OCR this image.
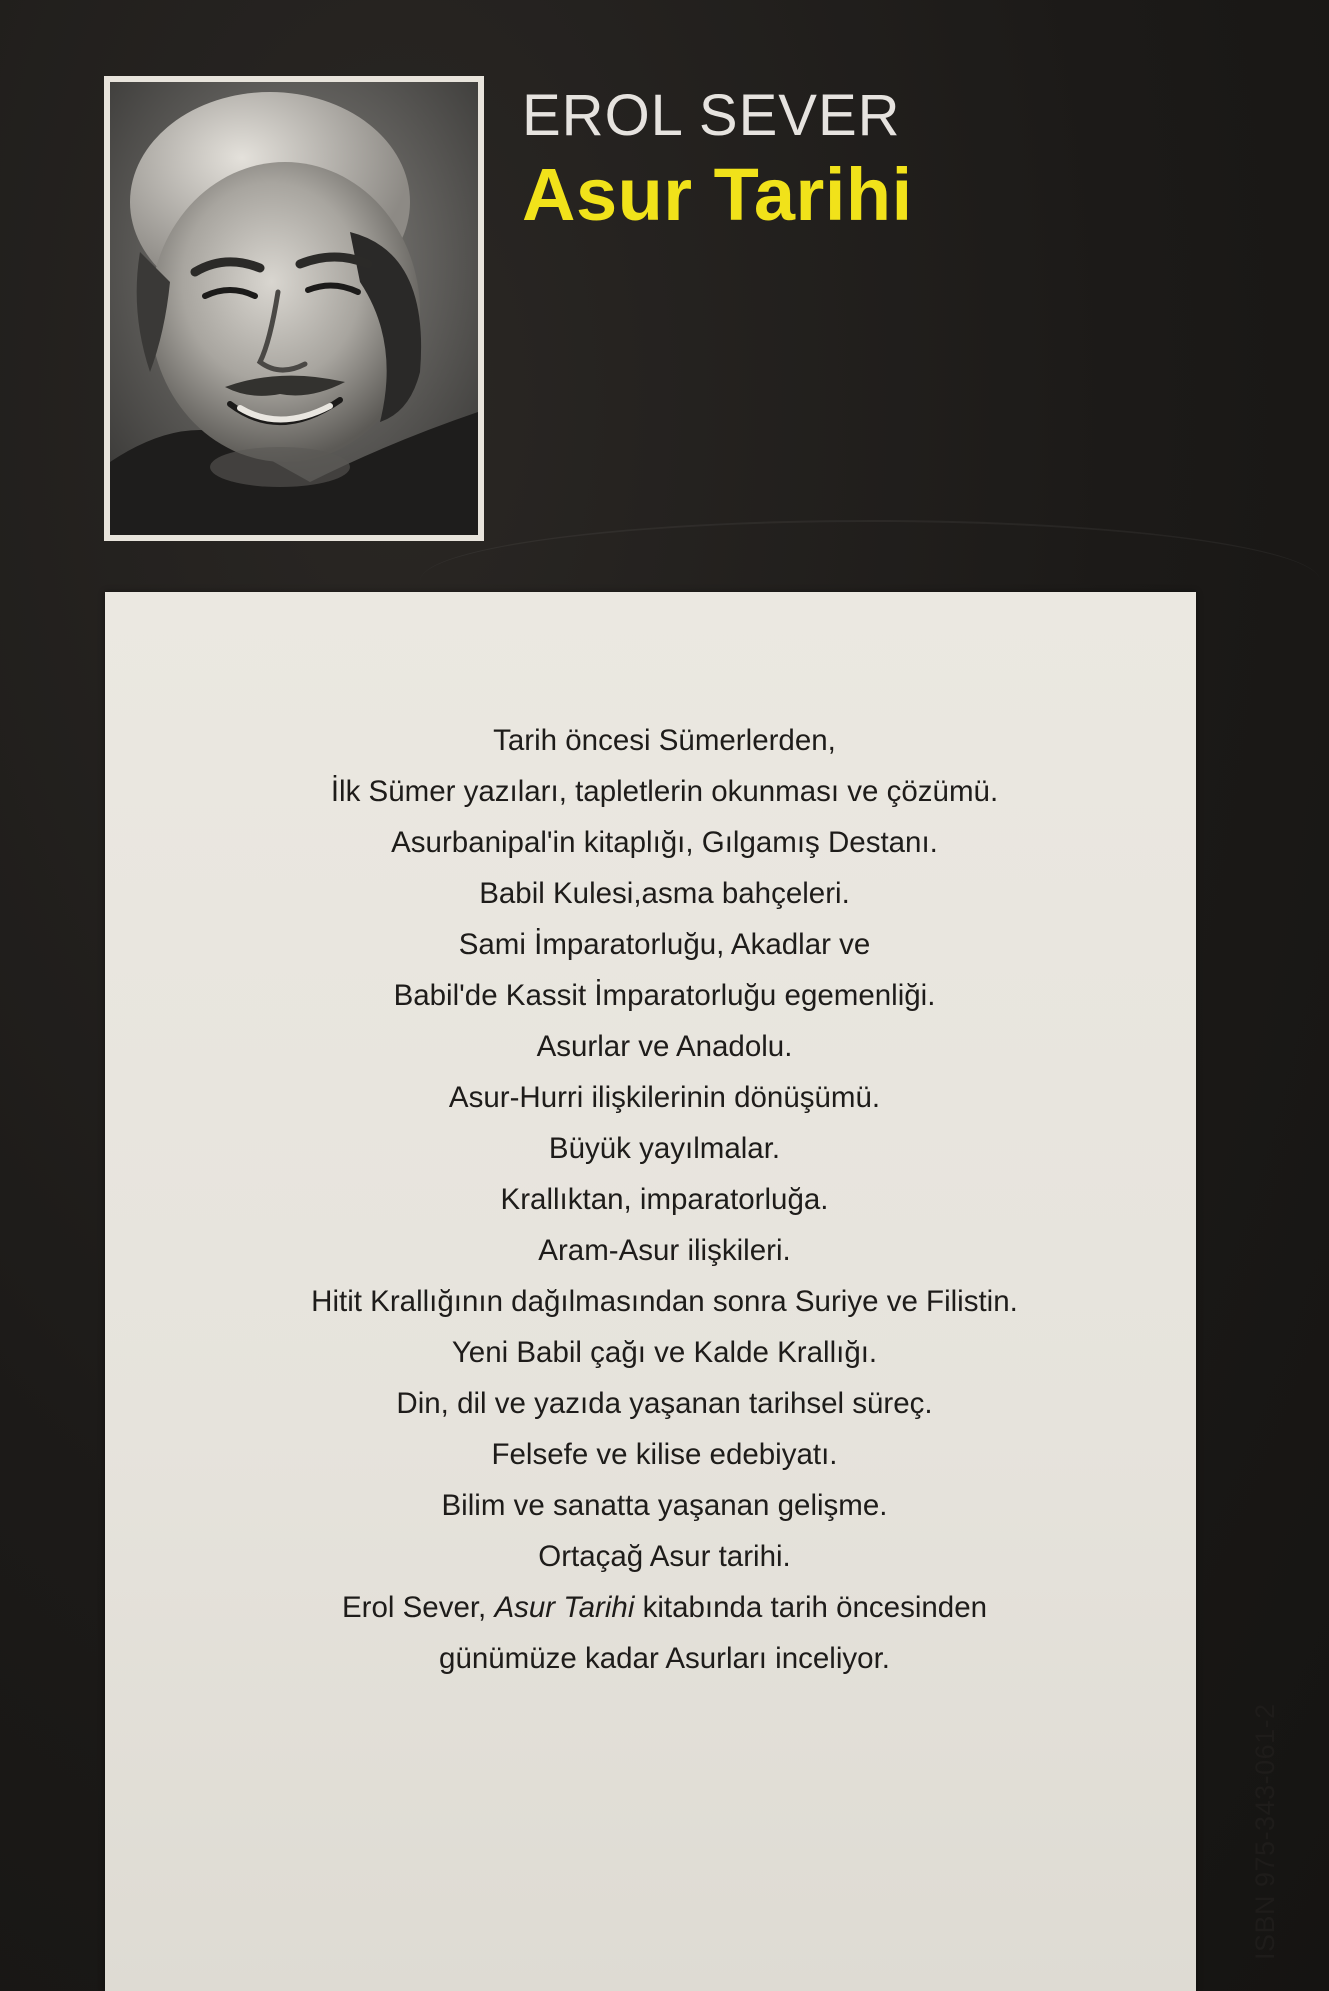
EROL SEVER
Asur Tarihi
Tarih öncesi Sümerlerden,
İlk Sümer yazıları, tapletlerin okunması ve çözümü.
Asurbanipal'in kitaplığı, Gılgamış Destanı.
Babil Kulesi,asma bahçeleri.
Sami İmparatorluğu, Akadlar ve
Babil'de Kassit İmparatorluğu egemenliği.
Asurlar ve Anadolu.
Asur-Hurri ilişkilerinin dönüşümü.
Büyük yayılmalar.
Krallıktan, imparatorluğa.
Aram-Asur ilişkileri.
Hitit Krallığının dağılmasından sonra Suriye ve Filistin.
Yeni Babil çağı ve Kalde Krallığı.
Din, dil ve yazıda yaşanan tarihsel süreç.
Felsefe ve kilise edebiyatı.
Bilim ve sanatta yaşanan gelişme.
Ortaçağ Asur tarihi.
Erol Sever, Asur Tarihi kitabında tarih öncesinden
günümüze kadar Asurları inceliyor.
ISBN 975-343-061-2
